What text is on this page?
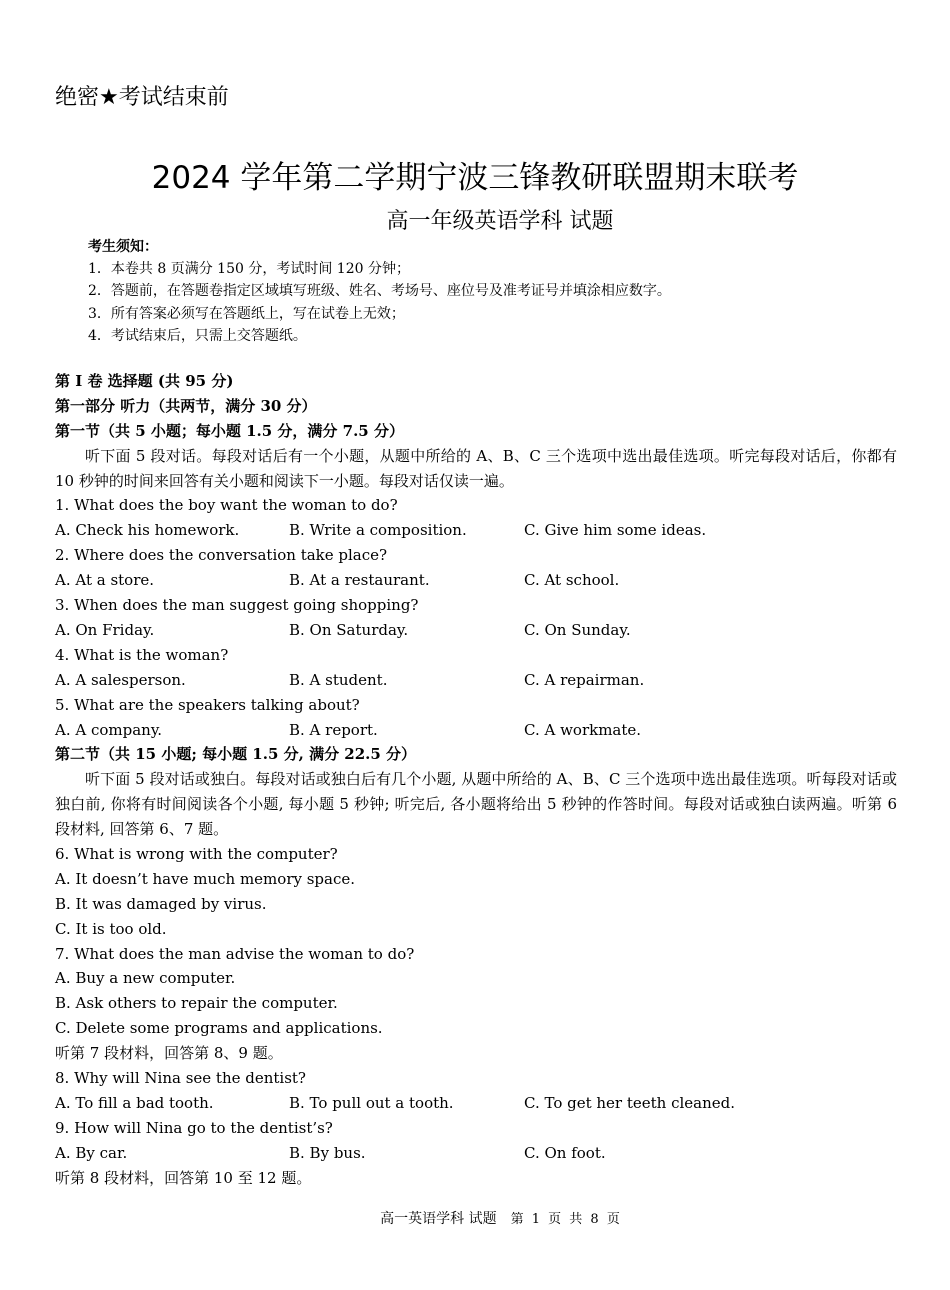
绝密★考试结束前
2024 学年第二学期宁波三锋教研联盟期末联考
高一年级英语学科 试题
考生须知：
1．本卷共 8 页满分 150 分，考试时间 120 分钟；
2．答题前，在答题卷指定区域填写班级、姓名、考场号、座位号及准考证号并填涂相应数字。
3．所有答案必须写在答题纸上，写在试卷上无效；
4．考试结束后，只需上交答题纸。
第 I 卷 选择题 (共 95 分)
第一部分 听力（共两节，满分 30 分）
第一节（共 5 小题；每小题 1.5 分，满分 7.5 分）
听下面 5 段对话。每段对话后有一个小题，从题中所给的 A、B、C 三个选项中选出最佳选项。听完每段对话后，你都有 10 秒钟的时间来回答有关小题和阅读下一小题。每段对话仅读一遍。
1. What does the boy want the woman to do?
A. Check his homework.	B. Write a composition.	C. Give him some ideas.
2. Where does the conversation take place?
A. At a store.	B. At a restaurant.	C. At school.
3. When does the man suggest going shopping?
A. On Friday.	B. On Saturday.	C. On Sunday.
4. What is the woman?
A. A salesperson.	B. A student.	C. A repairman.
5. What are the speakers talking about?
A. A company.	B. A report.	C. A workmate.
第二节（共 15 小题; 每小题 1.5 分, 满分 22.5 分）
听下面 5 段对话或独白。每段对话或独白后有几个小题, 从题中所给的 A、B、C 三个选项中选出最佳选项。听每段对话或独白前, 你将有时间阅读各个小题, 每小题 5 秒钟; 听完后, 各小题将给出 5 秒钟的作答时间。每段对话或独白读两遍。听第 6 段材料, 回答第 6、7 题。
6. What is wrong with the computer?
A. It doesn’t have much memory space.
B. It was damaged by virus.
C. It is too old.
7. What does the man advise the woman to do?
A. Buy a new computer.
B. Ask others to repair the computer.
C. Delete some programs and applications.
听第 7 段材料，回答第 8、9 题。
8. Why will Nina see the dentist?
A. To fill a bad tooth.	B. To pull out a tooth.	C. To get her teeth cleaned.
9. How will Nina go to the dentist’s?
A. By car.	B. By bus.	C. On foot.
听第 8 段材料，回答第 10 至 12 题。
高一英语学科 试题 第 1 页 共 8 页
